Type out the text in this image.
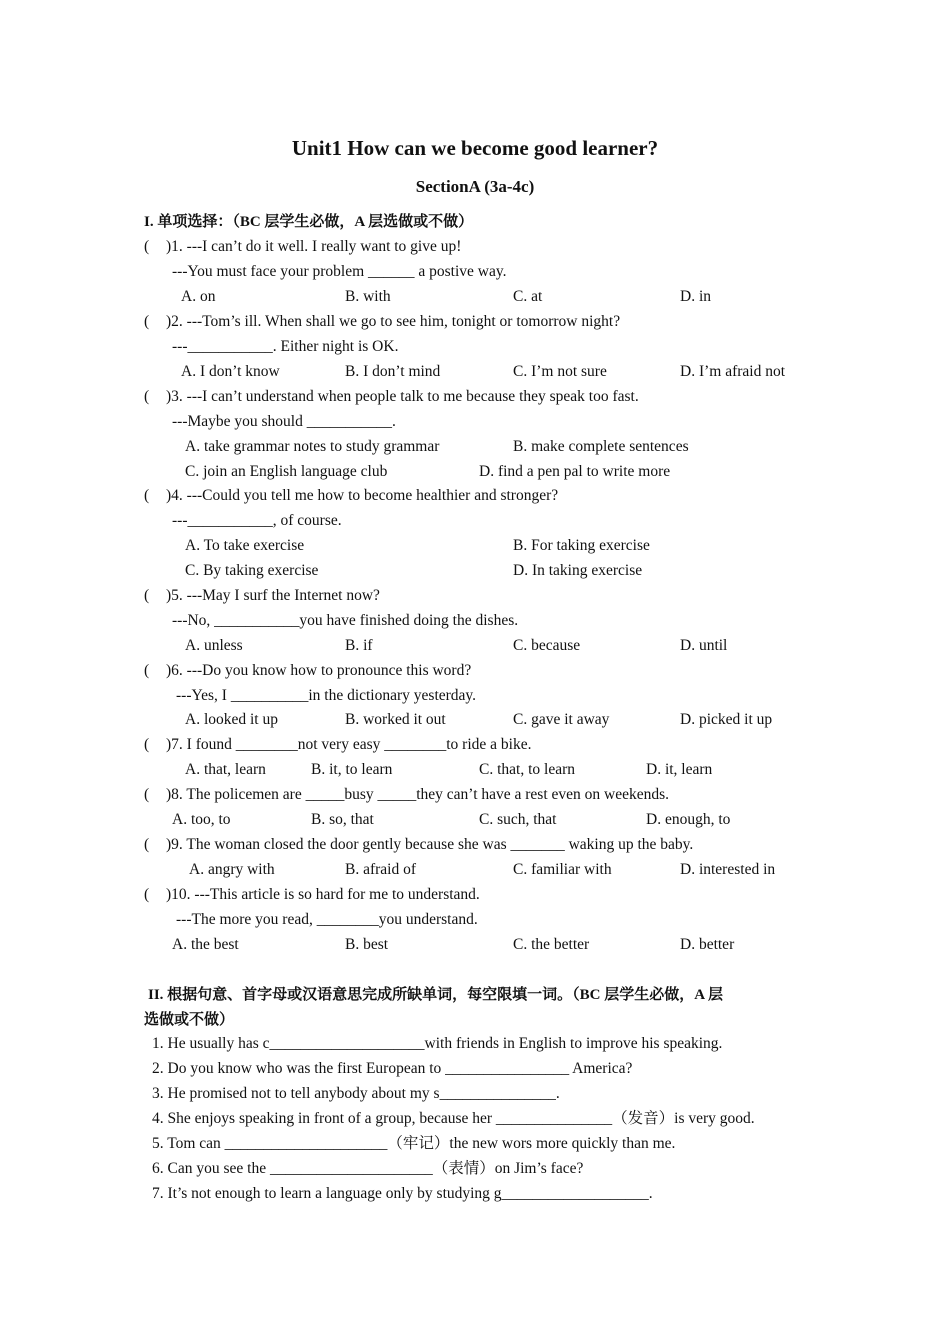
Unit1 How can we become good learner?
SectionA (3a-4c)
I. 单项选择：（BC 层学生必做，A 层选做或不做）
( )1. ---I can’t do it well. I really want to give up!
---You must face your problem ______ a postive way.
A. on	B. with	C. at	D. in
( )2. ---Tom’s ill. When shall we go to see him, tonight or tomorrow night?
---___________. Either night is OK.
A. I don’t know	B. I don’t mind	C. I’m not sure	D. I’m afraid not
( )3. ---I can’t understand when people talk to me because they speak too fast.
---Maybe you should ___________.
A. take grammar notes to study grammar	B. make complete sentences
C. join an English language club	D. find a pen pal to write more
( )4. ---Could you tell me how to become healthier and stronger?
---___________, of course.
A. To take exercise	B. For taking exercise
C. By taking exercise	D. In taking exercise
( )5. ---May I surf the Internet now?
---No, ___________you have finished doing the dishes.
A. unless	B. if	C. because	D. until
( )6. ---Do you know how to pronounce this word?
---Yes, I __________in the dictionary yesterday.
A. looked it up	B. worked it out	C. gave it away	D. picked it up
( )7. I found ________not very easy ________to ride a bike.
A. that, learn	B. it, to learn	C. that, to learn	D. it, learn
( )8. The policemen are _____busy _____they can’t have a rest even on weekends.
A. too, to	B. so, that	C. such, that	D. enough, to
( )9. The woman closed the door gently because she was _______ waking up the baby.
A. angry with	B. afraid of	C. familiar with	D. interested in
( )10. ---This article is so hard for me to understand.
---The more you read, ________you understand.
A. the best	B. best	C. the better	D. better
II. 根据句意、首字母或汉语意思完成所缺单词，每空限填一词。（BC 层学生必做，A 层
选做或不做）
1. He usually has c____________________with friends in English to improve his speaking.
2. Do you know who was the first European to ________________ America?
3. He promised not to tell anybody about my s_______________.
4. She enjoys speaking in front of a group, because her _______________（发音）is very good.
5. Tom can _____________________（牢记）the new wors more quickly than me.
6. Can you see the _____________________（表情）on Jim’s face?
7. It’s not enough to learn a language only by studying g___________________.
